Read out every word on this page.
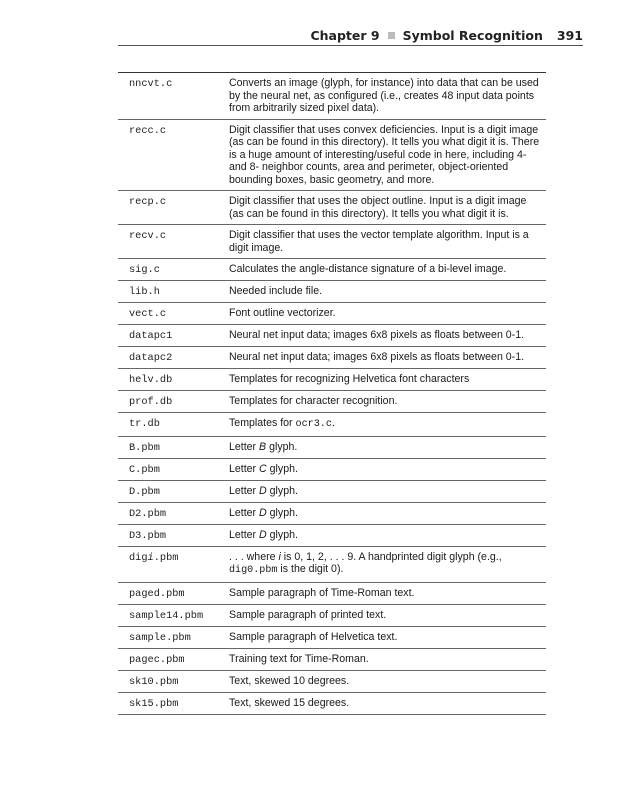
Chapter 9 Symbol Recognition 391
nncvt.c	Converts an image (glyph, for instance) into data that can be used by the neural net, as configured (i.e., creates 48 input data points from arbitrarily sized pixel data).
recc.c	Digit classifier that uses convex deficiencies. Input is a digit image (as can be found in this directory). It tells you what digit it is. There is a huge amount of interesting/useful code in here, including 4- and 8- neighbor counts, area and perimeter, object-oriented bounding boxes, basic geometry, and more.
recp.c	Digit classifier that uses the object outline. Input is a digit image (as can be found in this directory). It tells you what digit it is.
recv.c	Digit classifier that uses the vector template algorithm. Input is a digit image.
sig.c	Calculates the angle-distance signature of a bi-level image.
lib.h	Needed include file.
vect.c	Font outline vectorizer.
datapc1	Neural net input data; images 6x8 pixels as floats between 0-1.
datapc2	Neural net input data; images 6x8 pixels as floats between 0-1.
helv.db	Templates for recognizing Helvetica font characters
prof.db	Templates for character recognition.
tr.db	Templates for ocr3.c.
B.pbm	Letter B glyph.
C.pbm	Letter C glyph.
D.pbm	Letter D glyph.
D2.pbm	Letter D glyph.
D3.pbm	Letter D glyph.
digi.pbm	. . . where i is 0, 1, 2, . . . 9. A handprinted digit glyph (e.g., dig0.pbm is the digit 0).
paged.pbm	Sample paragraph of Time-Roman text.
sample14.pbm	Sample paragraph of printed text.
sample.pbm	Sample paragraph of Helvetica text.
pagec.pbm	Training text for Time-Roman.
sk10.pbm	Text, skewed 10 degrees.
sk15.pbm	Text, skewed 15 degrees.
